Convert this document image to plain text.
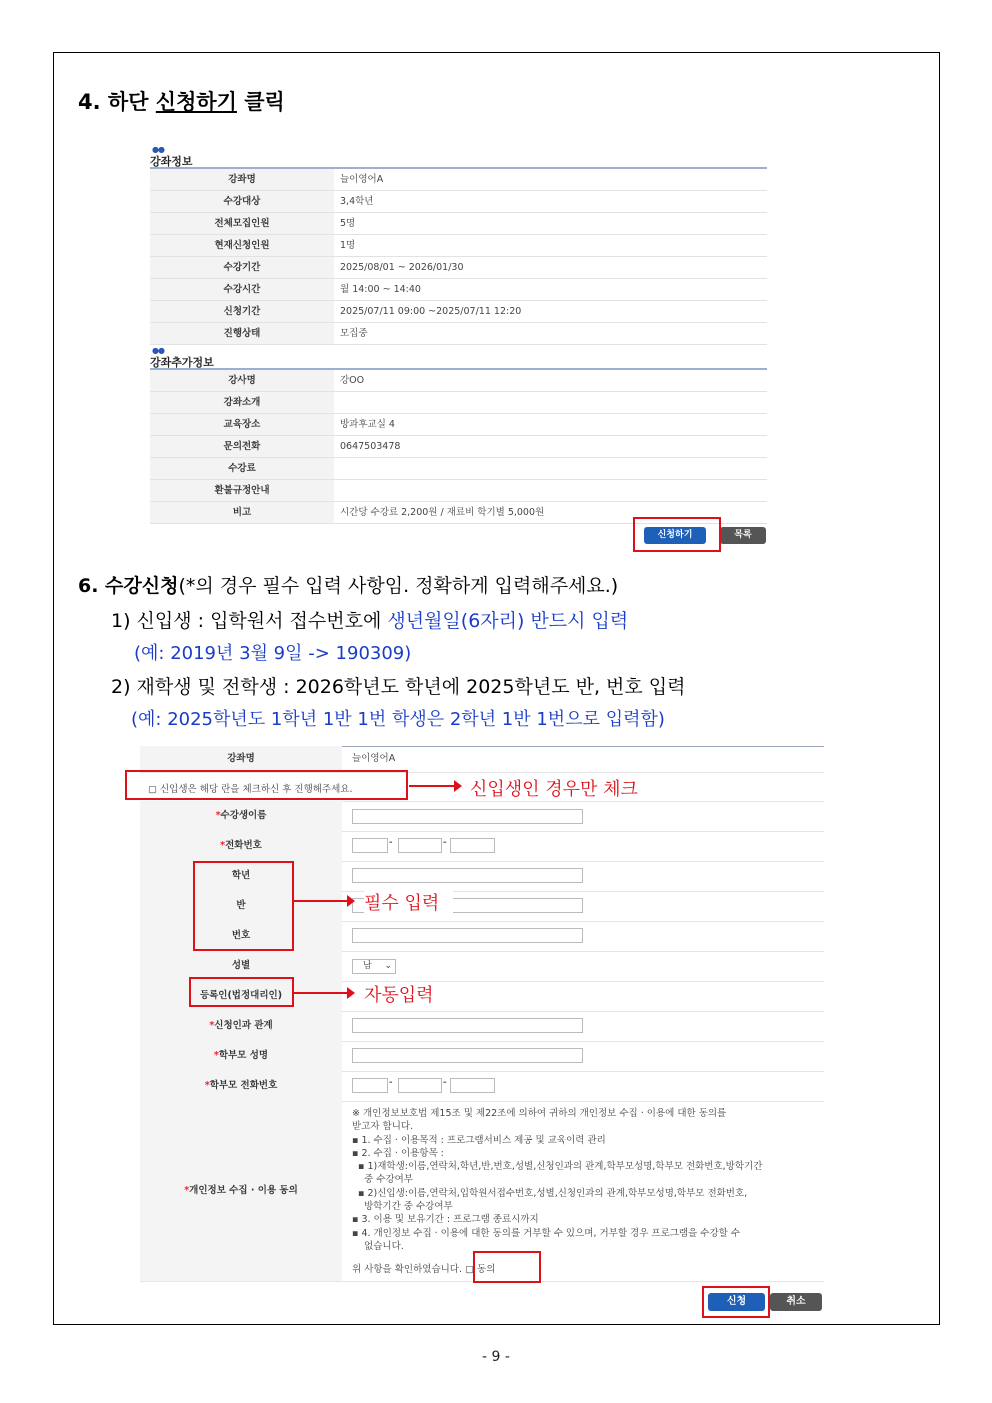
4. 하단 신청하기 클릭
●●
강좌정보
강좌명	늘이영어A
수강대상	3,4학년
전체모집인원	5명
현재신청인원	1명
수강기간	2025/08/01 ~ 2026/01/30
수강시간	월 14:00 ~ 14:40
신청기간	2025/07/11 09:00 ~2025/07/11 12:20
진행상태	모집중
●●
강좌추가정보
강사명	강OO
강좌소개
교육장소	방과후교실 4
문의전화	0647503478
수강료
환불규정안내
비고	시간당 수강료 2,200원 / 재료비 학기별 5,000원
신청하기	목록
6. 수강신청(*의 경우 필수 입력 사항임. 정확하게 입력해주세요.)
1) 신입생 : 입학원서 접수번호에 생년월일(6자리) 반드시 입력
(예: 2019년 3월 9일 -> 190309)
2) 재학생 및 전학생 : 2026학년도 학년에 2025학년도 반, 번호 입력
(예: 2025학년도 1학년 1반 1번 학생은 2학년 1반 1번으로 입력함)
강좌명	늘이영어A
▢ 신입생은 해당 란을 체크하신 후 진행해주세요.
*수강생이름
*전화번호	-	-
학년
반
번호
성별	남 ⌄
등록인(법정대리인)
*신청인과 관계
*학부모 성명
*학부모 전화번호	-	-
*개인정보 수집 · 이용 동의
※ 개인정보보호법 제15조 및 제22조에 의하여 귀하의 개인정보 수집 · 이용에 대한 동의를
받고자 합니다.
▪ 1. 수집 · 이용목적 : 프로그램서비스 제공 및 교육이력 관리
▪ 2. 수집 · 이용항목 :
▪ 1)재학생:이름,연락처,학년,반,번호,성별,신청인과의 관계,학부모성명,학부모 전화번호,방학기간
중 수강여부
▪ 2)신입생:이름,연락처,입학원서접수번호,성별,신청인과의 관계,학부모성명,학부모 전화번호,
방학기간 중 수강여부
▪ 3. 이용 및 보유기간 : 프로그램 종료시까지
▪ 4. 개인정보 수집 · 이용에 대한 동의를 거부할 수 있으며, 거부할 경우 프로그램을 수강할 수
없습니다.
위 사항을 확인하였습니다. ▢ 동의
신청	취소
신입생인 경우만 체크
필수 입력
자동입력
- 9 -
